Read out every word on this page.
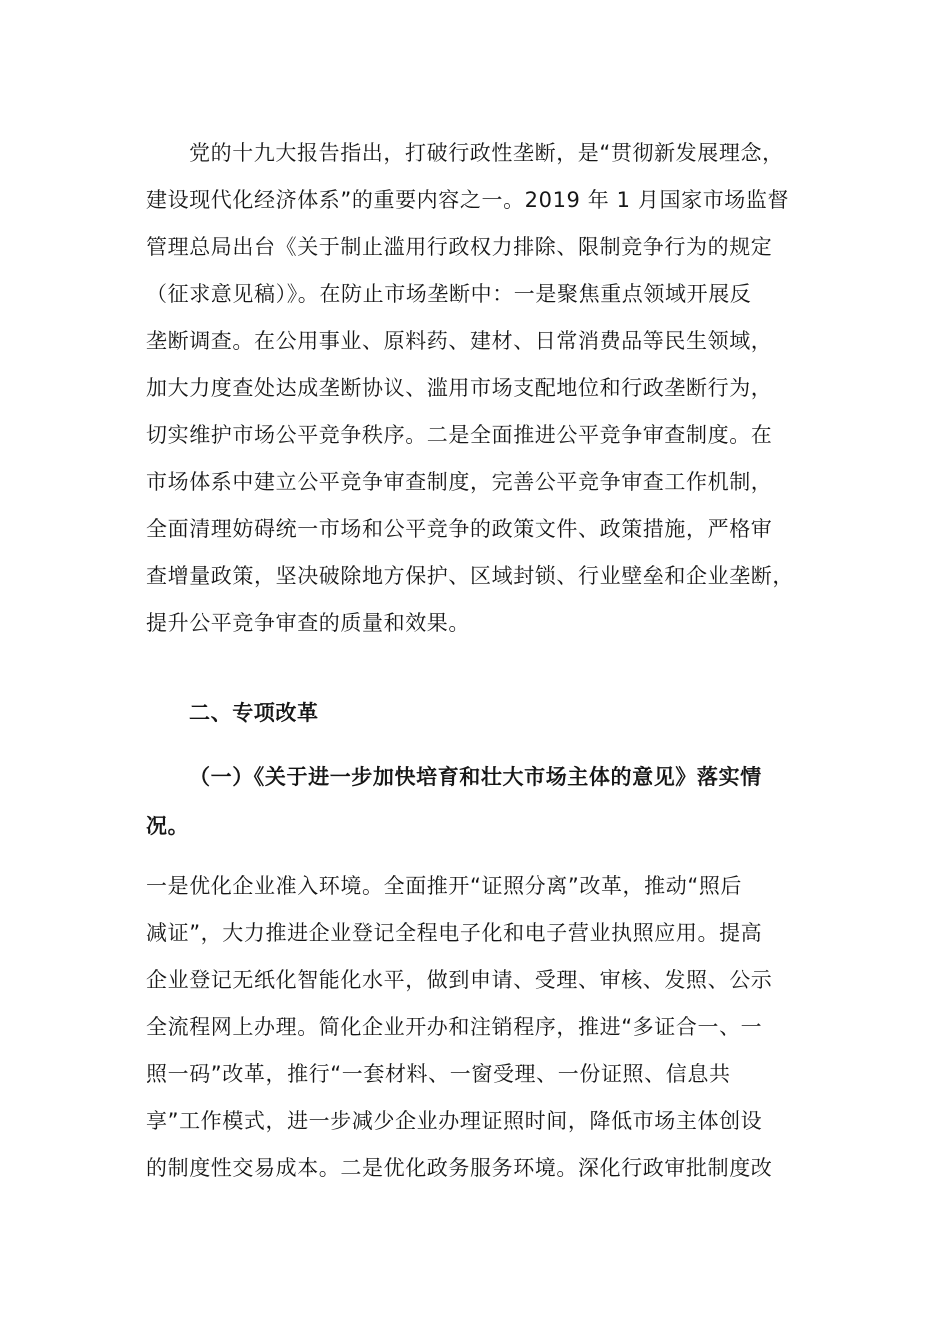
党的十九大报告指出，打破行政性垄断，是“贯彻新发展理念，
建设现代化经济体系”的重要内容之一。2019 年 1 月国家市场监督
管理总局出台《关于制止滥用行政权力排除、限制竞争行为的规定
（征求意见稿）》。在防止市场垄断中：一是聚焦重点领域开展反
垄断调查。在公用事业、原料药、建材、日常消费品等民生领域，
加大力度查处达成垄断协议、滥用市场支配地位和行政垄断行为，
切实维护市场公平竞争秩序。二是全面推进公平竞争审查制度。在
市场体系中建立公平竞争审查制度，完善公平竞争审查工作机制，
全面清理妨碍统一市场和公平竞争的政策文件、政策措施，严格审
查增量政策，坚决破除地方保护、区域封锁、行业壁垒和企业垄断，
提升公平竞争审查的质量和效果。
二、专项改革
（一）《关于进一步加快培育和壮大市场主体的意见》落实情
况。
一是优化企业准入环境。全面推开“证照分离”改革，推动“照后
减证”，大力推进企业登记全程电子化和电子营业执照应用。提高
企业登记无纸化智能化水平，做到申请、受理、审核、发照、公示
全流程网上办理。简化企业开办和注销程序，推进“多证合一、一
照一码”改革，推行“一套材料、一窗受理、一份证照、信息共
享”工作模式，进一步减少企业办理证照时间，降低市场主体创设
的制度性交易成本。二是优化政务服务环境。深化行政审批制度改
